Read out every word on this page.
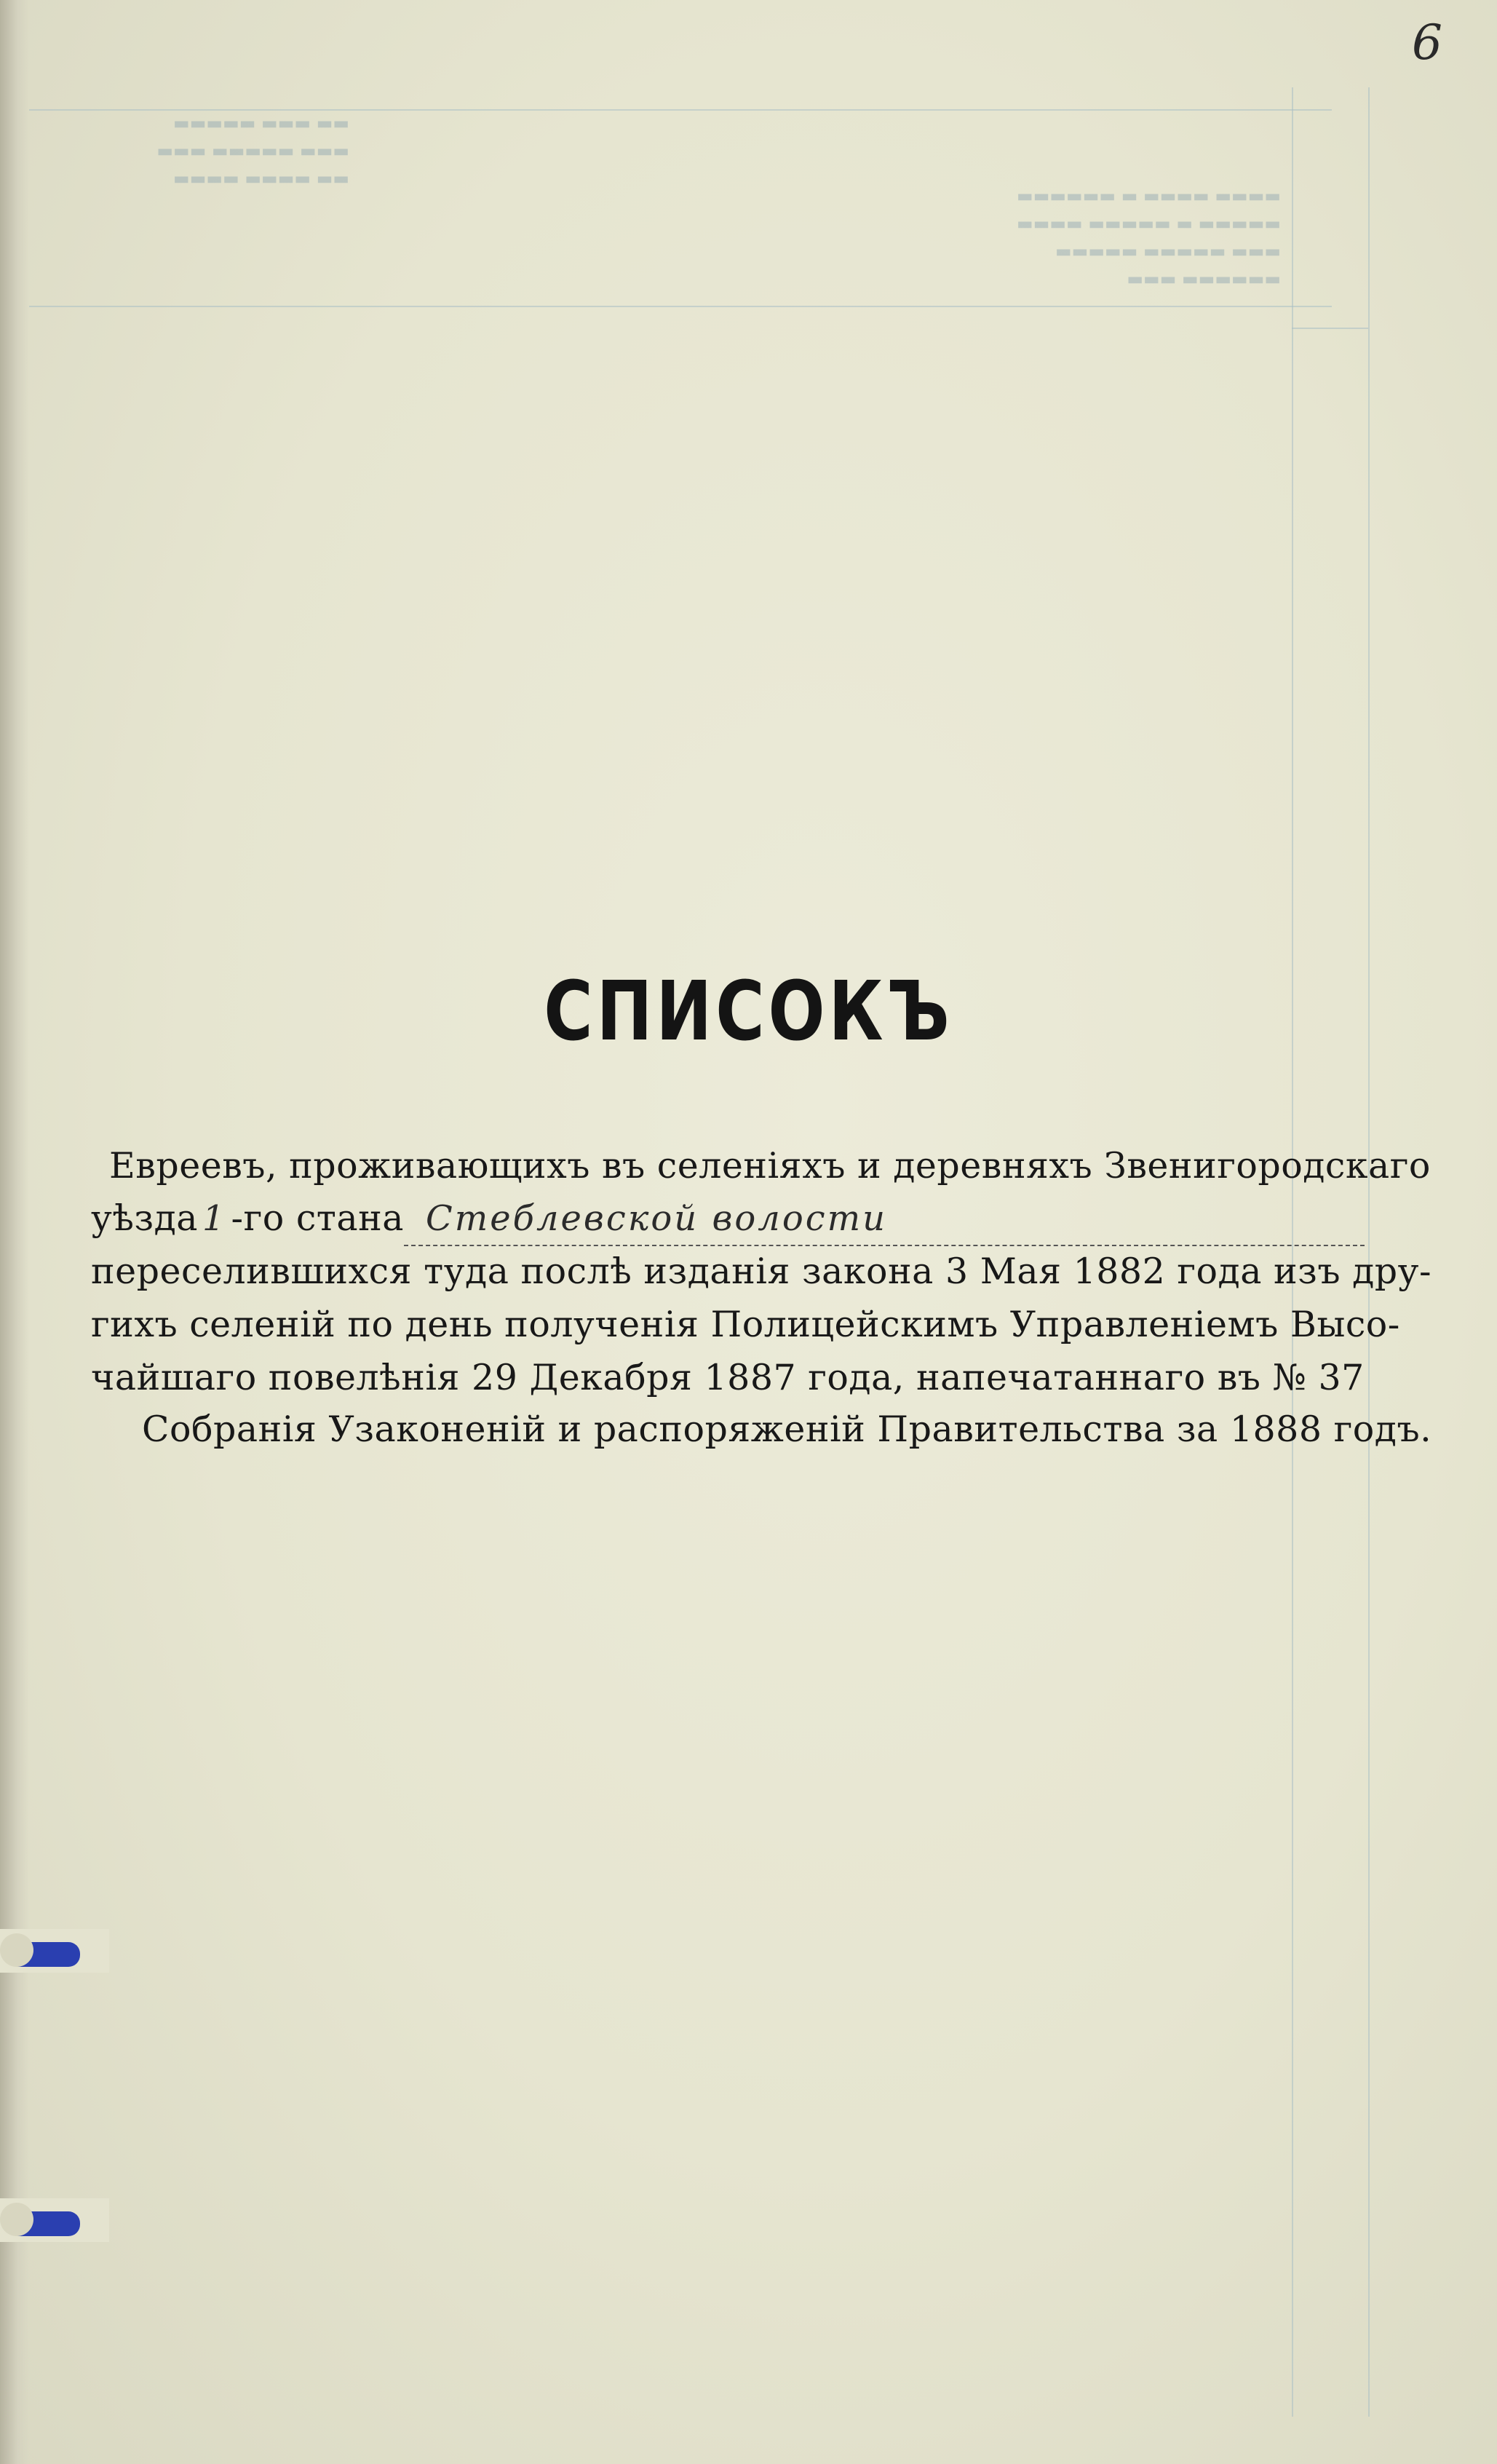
▬▬ ▬▬▬ ▬▬▬▬▬
▬▬▬ ▬▬▬▬▬ ▬▬▬
▬▬ ▬▬▬▬ ▬▬▬▬
▬▬▬▬ ▬▬▬▬ ▬ ▬▬▬▬▬▬
▬▬▬▬▬ ▬ ▬▬▬▬▬ ▬▬▬▬
▬▬▬ ▬▬▬▬▬ ▬▬▬▬▬
▬▬▬▬▬▬ ▬▬▬
6
СПИСОКЪ
Евреевъ, проживающихъ въ селеніяхъ и деревняхъ Звенигородскаго
уѣзда 1 -го стана Стеблевской волости
переселившихся туда послѣ изданія закона 3 Мая 1882 года изъ дру-
гихъ селеній по день полученія Полицейскимъ Управленіемъ Высо-
чайшаго повелѣнія 29 Декабря 1887 года, напечатаннаго въ № 37
Собранія Узаконеній и распоряженій Правительства за 1888 годъ.
